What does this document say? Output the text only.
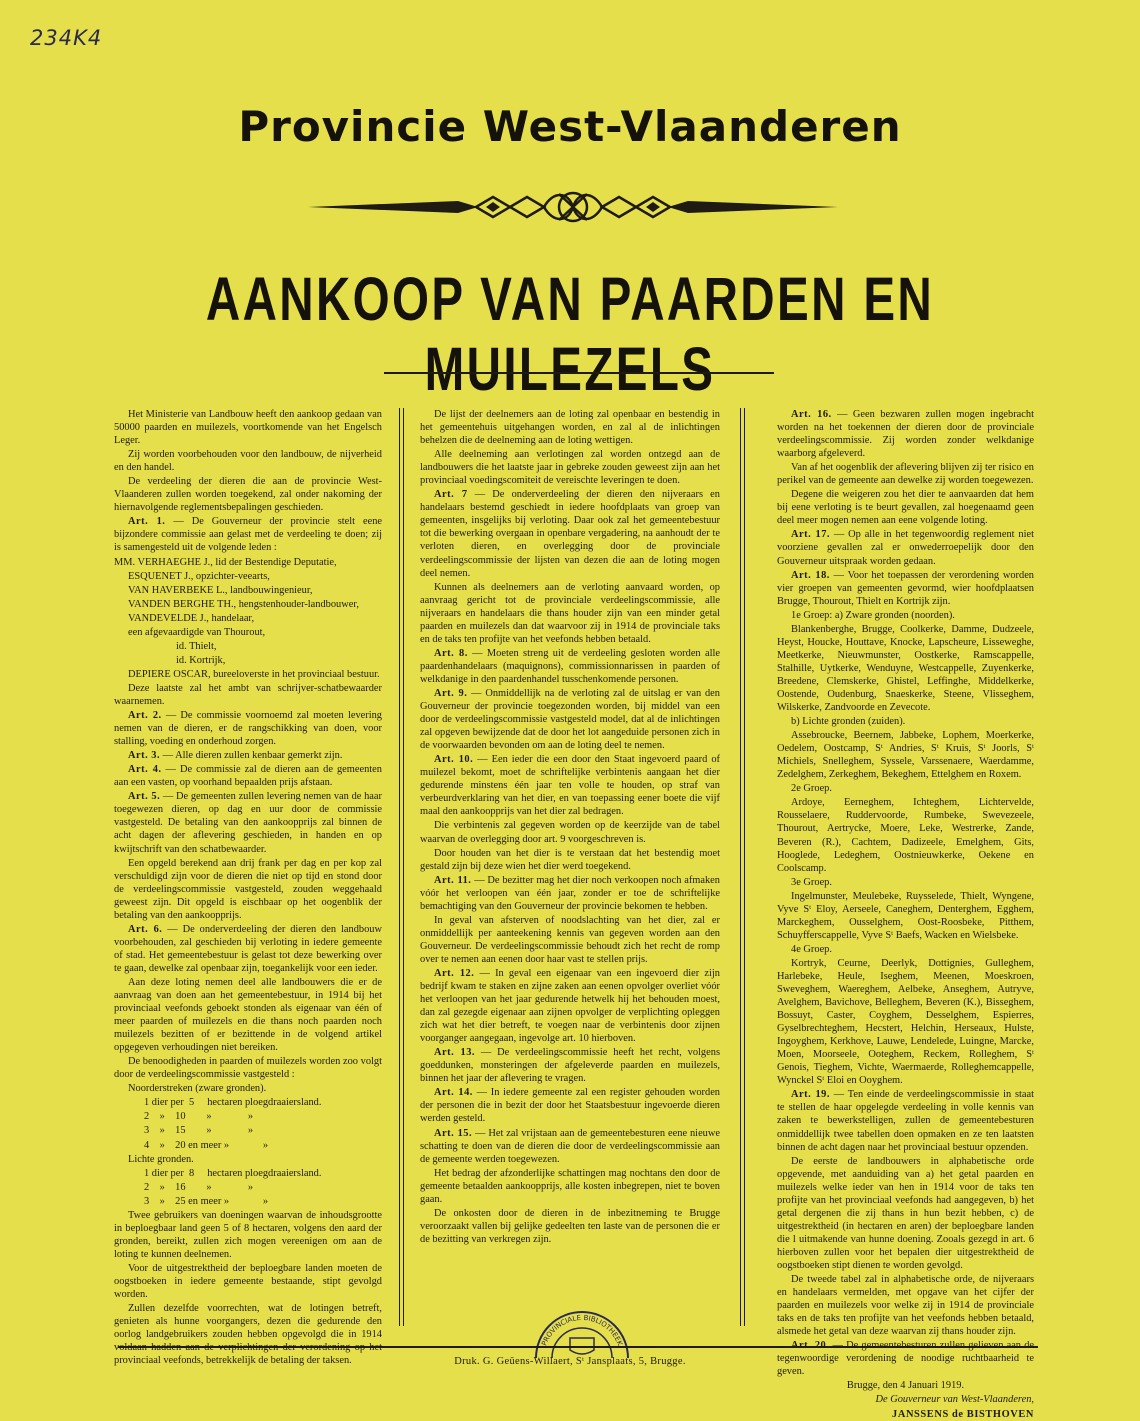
234K4
Provincie West-Vlaanderen
AANKOOP VAN PAARDEN EN MUILEZELS

Het Ministerie van Landbouw heeft den aankoop gedaan van 50000 paarden en muilezels, voortkomende van het Engelsch Leger.

Zij worden voorbehouden voor den landbouw, de nijverheid en den handel.

De verdeeling der dieren die aan de provincie West-Vlaanderen zullen worden toegekend, zal onder nakoming der hiernavolgende reglementsbepalingen geschieden.

Art. 1. — De Gouverneur der provincie stelt eene bijzondere commissie aan gelast met de verdeeling te doen; zij is samengesteld uit de volgende leden :

MM. VERHAEGHE J., lid der Bestendige Deputatie,

ESQUENET J., opzichter-veearts,

VAN HAVERBEKE L., landbouwingenieur,

VANDEN BERGHE TH., hengstenhouder-landbouwer,

VANDEVELDE J., handelaar,

een afgevaardigde van Thourout,

id. Thielt,

id. Kortrijk,

DEPIERE OSCAR, bureeloverste in het provinciaal bestuur.

Deze laatste zal het ambt van schrijver-schatbewaarder waarnemen.

Art. 2. — De commissie voornoemd zal moeten levering nemen van de dieren, er de rangschikking van doen, voor stalling, voeding en onderhoud zorgen.

Art. 3. — Alle dieren zullen kenbaar gemerkt zijn.

Art. 4. — De commissie zal de dieren aan de gemeenten aan een vasten, op voorhand bepaalden prijs afstaan.

Art. 5. — De gemeenten zullen levering nemen van de haar toegewezen dieren, op dag en uur door de commissie vastgesteld. De betaling van den aankoopprijs zal binnen de acht dagen der aflevering geschieden, in handen en op kwijtschrift van den schatbewaarder.

Een opgeld berekend aan drij frank per dag en per kop zal verschuldigd zijn voor de dieren die niet op tijd en stond door de verdeelingscommissie vastgesteld, zouden weggehaald geweest zijn. Dit opgeld is eischbaar op het oogenblik der betaling van den aankoopprijs.

Art. 6. — De onderverdeeling der dieren den landbouw voorbehouden, zal geschieden bij verloting in iedere gemeente of stad. Het gemeentebestuur is gelast tot deze bewerking over te gaan, dewelke zal openbaar zijn, toegankelijk voor een ieder.

Aan deze loting nemen deel alle landbouwers die er de aanvraag van doen aan het gemeentebestuur, in 1914 bij het provinciaal veefonds geboekt stonden als eigenaar van één of meer paarden of muilezels en die thans noch paarden noch muilezels bezitten of er bezittende in de volgend artikel opgegeven verhoudingen niet bereiken.

De benoodigheden in paarden of muilezels worden zoo volgt door de verdeelingscommissie vastgesteld :

Noorderstreken (zware gronden).

1 dier per  5     hectaren ploegdraaiersland.

2    »    10        »              »

3    »    15        »              »

4    »    20 en meer »             »

Lichte gronden.

1 dier per  8     hectaren ploegdraaiersland.

2    »    16        »              »

3    »    25 en meer »             »

Twee gebruikers van doeningen waarvan de inhoudsgrootte in beploegbaar land geen 5 of 8 hectaren, volgens den aard der gronden, bereikt, zullen zich mogen vereenigen om aan de loting te kunnen deelnemen.

Voor de uitgestrektheid der beploegbare landen moeten de oogstboeken in iedere gemeente bestaande, stipt gevolgd worden.

Zullen dezelfde voorrechten, wat de lotingen betreft, genieten als hunne voorgangers, dezen die gedurende den oorlog landgebruikers zouden hebben opgevolgd die in 1914 voldaan hadden aan de verplichtingen der verordening op het provinciaal veefonds, betrekkelijk de betaling der taksen.

De lijst der deelnemers aan de loting zal openbaar en bestendig in het gemeentehuis uitgehangen worden, en zal al de inlichtingen behelzen die de deelneming aan de loting wettigen.

Alle deelneming aan verlotingen zal worden ontzegd aan de landbouwers die het laatste jaar in gebreke zouden geweest zijn aan het provinciaal voedingscomiteit de vereischte leveringen te doen.

Art. 7 — De onderverdeeling der dieren den nijveraars en handelaars bestemd geschiedt in iedere hoofdplaats van groep van gemeenten, insgelijks bij verloting. Daar ook zal het gemeentebestuur tot die bewerking overgaan in openbare vergadering, na aanhoudt der te verloten dieren, en overlegging door de provinciale verdeelingscommissie der lijsten van dezen die aan de loting mogen deel nemen.

Kunnen als deelnemers aan de verloting aanvaard worden, op aanvraag gericht tot de provinciale verdeelingscommissie, alle nijveraars en handelaars die thans houder zijn van een minder getal paarden en muilezels dan dat waarvoor zij in 1914 de provinciale taks en de taks ten profijte van het veefonds hebben betaald.

Art. 8. — Moeten streng uit de verdeeling gesloten worden alle paardenhandelaars (maquignons), commissionnarissen in paarden of welkdanige in den paardenhandel tusschenkomende personen.

Art. 9. — Onmiddellijk na de verloting zal de uitslag er van den Gouverneur der provincie toegezonden worden, bij middel van een door de verdeelingscommissie vastgesteld model, dat al de inlichtingen zal opgeven bewijzende dat de door het lot aangeduide personen zich in de voorwaarden bevonden om aan de loting deel te nemen.

Art. 10. — Een ieder die een door den Staat ingevoerd paard of muilezel bekomt, moet de schriftelijke verbintenis aangaan het dier gedurende minstens één jaar ten volle te houden, op straf van verbeurdverklaring van het dier, en van toepassing eener boete die vijf maal den aankoopprijs van het dier zal bedragen.

Die verbintenis zal gegeven worden op de keerzijde van de tabel waarvan de overlegging door art. 9 voorgeschreven is.

Door houden van het dier is te verstaan dat het bestendig moet gestald zijn bij deze wien het dier werd toegekend.

Art. 11. — De bezitter mag het dier noch verkoopen noch afmaken vóór het verloopen van één jaar, zonder er toe de schriftelijke bemachtiging van den Gouverneur der provincie bekomen te hebben.

In geval van afsterven of noodslachting van het dier, zal er onmiddellijk per aanteekening kennis van gegeven worden aan den Gouverneur. De verdeelingscommissie behoudt zich het recht de romp over te nemen aan eenen door haar vast te stellen prijs.

Art. 12. — In geval een eigenaar van een ingevoerd dier zijn bedrijf kwam te staken en zijne zaken aan eenen opvolger overliet vóór het verloopen van het jaar gedurende hetwelk hij het behouden moest, dan zal gezegde eigenaar aan zijnen opvolger de verplichting opleggen zich wat het dier betreft, te voegen naar de verbintenis door zijnen voorganger aangegaan, ingevolge art. 10 hierboven.

Art. 13. — De verdeelingscommissie heeft het recht, volgens goeddunken, monsteringen der afgeleverde paarden en muilezels, binnen het jaar der aflevering te vragen.

Art. 14. — In iedere gemeente zal een register gehouden worden der personen die in bezit der door het Staatsbestuur ingevoerde dieren werden gesteld.

Art. 15. — Het zal vrijstaan aan de gemeentebesturen eene nieuwe schatting te doen van de dieren die door de verdeelingscommissie aan de gemeente werden toegewezen.

Het bedrag der afzonderlijke schattingen mag nochtans den door de gemeente betaalden aankoopprijs, alle kosten inbegrepen, niet te boven gaan.

De onkosten door de dieren in de inbezitneming te Brugge veroorzaakt vallen bij gelijke gedeelten ten laste van de personen die er de bezitting van verkregen zijn.

Art. 16. — Geen bezwaren zullen mogen ingebracht worden na het toekennen der dieren door de provinciale verdeelingscommissie. Zij worden zonder welkdanige waarborg afgeleverd.

Van af het oogenblik der aflevering blijven zij ter risico en perikel van de gemeente aan dewelke zij worden toegewezen.

Degene die weigeren zou het dier te aanvaarden dat hem bij eene verloting is te beurt gevallen, zal hoegenaamd geen deel meer mogen nemen aan eene volgende loting.

Art. 17. — Op alle in het tegenwoordig reglement niet voorziene gevallen zal er onwederroepelijk door den Gouverneur uitspraak worden gedaan.

Art. 18. — Voor het toepassen der verordening worden vier groepen van gemeenten gevormd, wier hoofdplaatsen Brugge, Thourout, Thielt en Kortrijk zijn.

1e Groep: a) Zware gronden (noorden).

Blankenberghe, Brugge, Coolkerke, Damme, Dudzeele, Heyst, Houcke, Houttave, Knocke, Lapscheure, Lisseweghe, Meetkerke, Nieuwmunster, Oostkerke, Ramscappelle, Stalhille, Uytkerke, Wenduyne, Westcappelle, Zuyenkerke, Breedene, Clemskerke, Ghistel, Leffinghe, Middelkerke, Oostende, Oudenburg, Snaeskerke, Steene, Vlisseghem, Wilskerke, Zandvoorde en Zevecote.

b) Lichte gronden (zuiden).

Assebroucke, Beernem, Jabbeke, Lophem, Moerkerke, Oedelem, Oostcamp, Sᵗ Andries, Sᵗ Kruis, Sᵗ Joorls, Sᵗ Michiels, Snelleghem, Syssele, Varssenaere, Waerdamme, Zedelghem, Zerkeghem, Bekeghem, Ettelghem en Roxem.

2e Groep.

Ardoye, Eerneghem, Ichteghem, Lichtervelde, Rousselaere, Ruddervoorde, Rumbeke, Swevezeele, Thourout, Aertrycke, Moere, Leke, Westrerke, Zande, Beveren (R.), Cachtem, Dadizeele, Emelghem, Gits, Hooglede, Ledeghem, Oostnieuwkerke, Oekene en Coolscamp.

3e Groep.

Ingelmunster, Meulebeke, Ruysselede, Thielt, Wyngene, Vyve Sᵗ Eloy, Aerseele, Caneghem, Denterghem, Egghem, Marckeghem, Ousselghem, Oost-Roosbeke, Pitthem, Schuyfferscappelle, Vyve Sᵗ Baefs, Wacken en Wielsbeke.

4e Groep.

Kortryk, Ceurne, Deerlyk, Dottignies, Gulleghem, Harlebeke, Heule, Iseghem, Meenen, Moeskroen, Sweveghem, Waereghem, Aelbeke, Anseghem, Autryve, Avelghem, Bavichove, Belleghem, Beveren (K.), Bisseghem, Bossuyt, Caster, Coyghem, Desselghem, Espierres, Gyselbrechteghem, Hecstert, Helchin, Herseaux, Hulste, Ingoyghem, Kerkhove, Lauwe, Lendelede, Luingne, Marcke, Moen, Moorseele, Ooteghem, Reckem, Rolleghem, Sᵗ Genois, Tieghem, Vichte, Waermaerde, Rolleghemcappelle, Wynckel Sᵗ Eloi en Ooyghem.

Art. 19. — Ten einde de verdeelingscommissie in staat te stellen de haar opgelegde verdeeling in volle kennis van zaken te bewerkstelligen, zullen de gemeentebesturen onmiddellijk twee tabellen doen opmaken en ze ten laatsten binnen de acht dagen naar het provinciaal bestuur opzenden.

De eerste de landbouwers in alphabetische orde opgevende, met aanduiding van a) het getal paarden en muilezels welke ieder van hen in 1914 voor de taks ten profijte van het provinciaal veefonds had aangegeven, b) het getal dergenen die zij thans in hun bezit hebben, c) de uitgestrektheid (in hectaren en aren) der beploegbare landen die l uitmakende van hunne doening. Zooals gezegd in art. 6 hierboven zullen voor het bepalen dier uitgestrektheid de oogstboeken stipt dienen te worden gevolgd.

De tweede tabel zal in alphabetische orde, de nijveraars en handelaars vermelden, met opgave van het cijfer der paarden en muilezels voor welke zij in 1914 de provinciale taks en de taks ten profijte van het veefonds hebben betaald, alsmede het getal van deze waarvan zij thans houder zijn.

Art. 20. — De gemeentebesturen zullen gelieven aan de tegenwoordige verordening de noodige ruchtbaarheid te geven.

Brugge, den 4 Januari 1919.

De Gouverneur van West-Vlaanderen,

JANSSENS de BISTHOVEN

PROVINCIALE BIBLIOTHEEK
Druk. G. Geûens-Willaert, Sᵗ Jansplaats, 5, Brugge.
